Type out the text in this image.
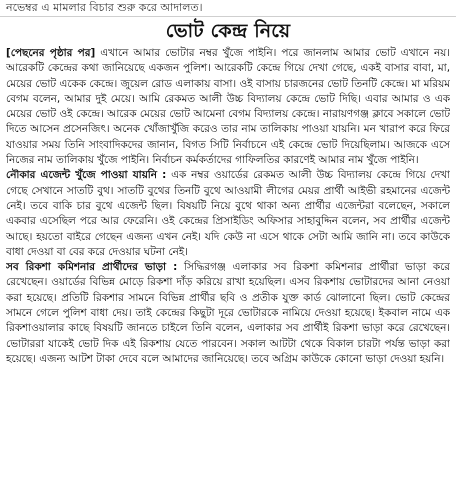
নভেম্বর এ মামলার বিচার শুরু করে আদালত।
ভোট কেন্দ্র নিয়ে

[পেছনের পৃষ্ঠার পর] এখানে আমার ভোটার নম্বর খুঁজে পাইনি। পরে জানলাম আমার ভোট এখানে নয়। আরেকটি কেন্দ্রের কথা জানিয়েছে একজন পুলিশ। আরেকটি কেন্দ্রে গিয়ে দেখা গেছে, একই বাসার বাবা, মা, মেয়ের ভোট একেক কেন্দ্রে। জুয়েল রোড এলাকায় বাসা। ওই বাসায় চারজনের ভোট তিনটি কেন্দ্রে। মা মরিয়ম বেগম বলেন, আমার দুই মেয়ে। আমি রেকমত আলী উচ্চ বিদ্যালয় কেন্দ্রে ভোট দিছি। এবার আমার ও এক মেয়ের ভোট ওই কেন্দ্রে। আরেক মেয়ের ভোট আমেনা বেগম বিদ্যালয় কেন্দ্রে। নারায়ণগঞ্জ ক্লাবে সকালে ভোট দিতে আসেন প্রসেনজিৎ। অনেক খোঁজাখুঁজি করেও তার নাম তালিকায় পাওয়া যায়নি। মন খারাপ করে ফিরে যাওয়ার সময় তিনি সাংবাদিকদের জানান, বিগত সিটি নির্বাচনে এই কেন্দ্রে ভোট দিয়েছিলাম। আজকে এসে নিজের নাম তালিকায় খুঁজে পাইনি। নির্বাচন কর্মকর্তাদের গাফিলতির কারণেই আমার নাম খুঁজে পাইনি।

নৌকার এজেন্ট খুঁজে পাওয়া যায়নি : এক নম্বর ওয়ার্ডের রেকমত আলী উচ্চ বিদ্যালয় কেন্দ্রে গিয়ে দেখা গেছে সেখানে সাতটি বুথ। সাতটি বুথের তিনটি বুথে আওয়ামী লীগের মেয়র প্রার্থী আইভী রহমানের এজেন্ট নেই। তবে বাকি চার বুথে এজেন্ট ছিল। বিষয়টি নিয়ে বুথে থাকা অন্য প্রার্থীর এজেন্টরা বলেছেন, সকালে একবার এসেছিল পরে আর ফেরেনি। ওই কেন্দ্রের প্রিসাইডিং অফিসার সাহাবুদ্দিন বলেন, সব প্রার্থীর এজেন্ট আছে। হয়তো বাইরে গেছেন এজন্য এখন নেই। যদি কেউ না এসে থাকে সেটা আমি জানি না। তবে কাউকে বাধা দেওয়া বা বের করে দেওয়ার ঘটনা নেই।

সব রিকশা কমিশনার প্রার্থীদের ভাড়া : সিদ্ধিরগঞ্জ এলাকার সব রিকশা কমিশনার প্রার্থীরা ভাড়া করে রেখেছেন। ওয়ার্ডের বিভিন্ন মোড়ে রিকশা দাঁড় করিয়ে রাখা হয়েছিল। এসব রিকশায় ভোটারদের আনা নেওয়া করা হয়েছে। প্রতিটি রিকশার সামনে বিভিন্ন প্রার্থীর ছবি ও প্রতীক যুক্ত কার্ড ঝোলানো ছিল। ভোট কেন্দ্রের সামনে গেলে পুলিশ বাধা দেয়। তাই কেন্দ্রের কিছুটা দূরে ভোটারকে নামিয়ে দেওয়া হয়েছে। ইকবাল নামে এক রিকশাওয়ালার কাছে বিষয়টি জানতে চাইলে তিনি বলেন, এলাকার সব প্রার্থীই রিকশা ভাড়া করে রেখেছেন। ভোটাররা যাকেই ভোট দিক এই রিকশায় যেতে পারবেন। সকাল আটটা থেকে বিকাল চারটা পর্যন্ত ভাড়া করা হয়েছে। এজন্য আটশ টাকা দেবে বলে আমাদের জানিয়েছে। তবে অগ্রিম কাউকে কোনো ভাড়া দেওয়া হয়নি।
